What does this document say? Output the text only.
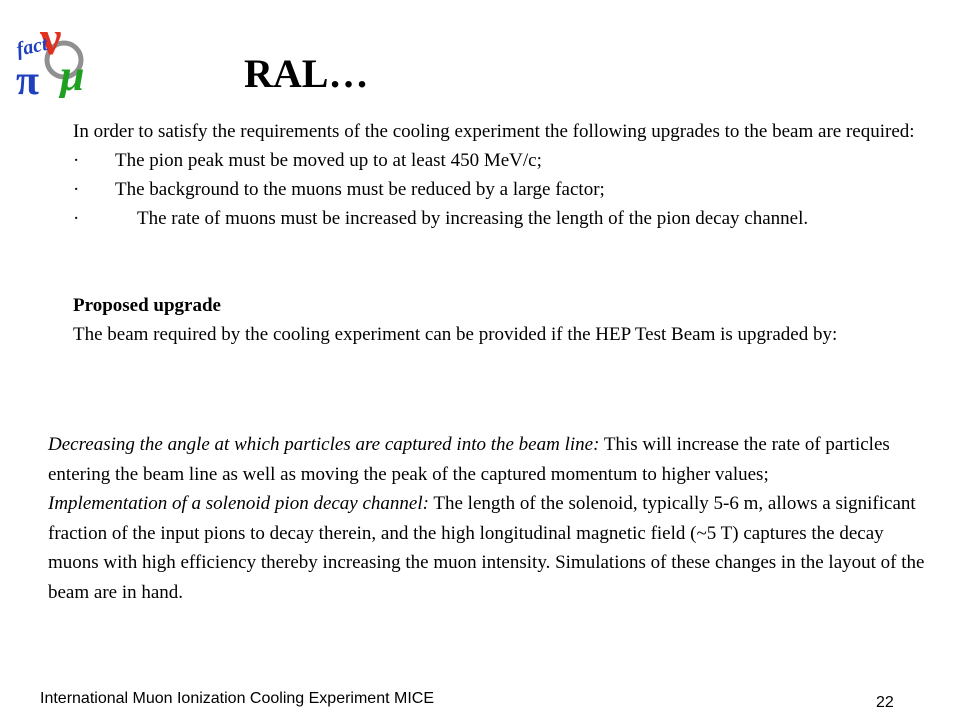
ν
fact
π μ	RAL…

In order to satisfy the requirements of the cooling experiment the following upgrades to the beam are required:

·	The pion peak must be moved up to at least 450 MeV/c;

·	The background to the muons must be reduced by a large factor;

·	The rate of muons must be increased by increasing the length of the pion decay channel.

Proposed upgrade

The beam required by the cooling experiment can be provided if the HEP Test Beam is upgraded by:

Decreasing the angle at which particles are captured into the beam line: This will increase the rate of particles entering the beam line as well as moving the peak of the captured momentum to higher values;

Implementation of a solenoid pion decay channel: The length of the solenoid, typically 5-6 m, allows a significant fraction of the input pions to decay therein, and the high longitudinal magnetic field (~5 T) captures the decay muons with high efficiency thereby increasing the muon intensity. Simulations of these changes in the layout of the beam are in hand.

International Muon Ionization Cooling Experiment MICE	22
